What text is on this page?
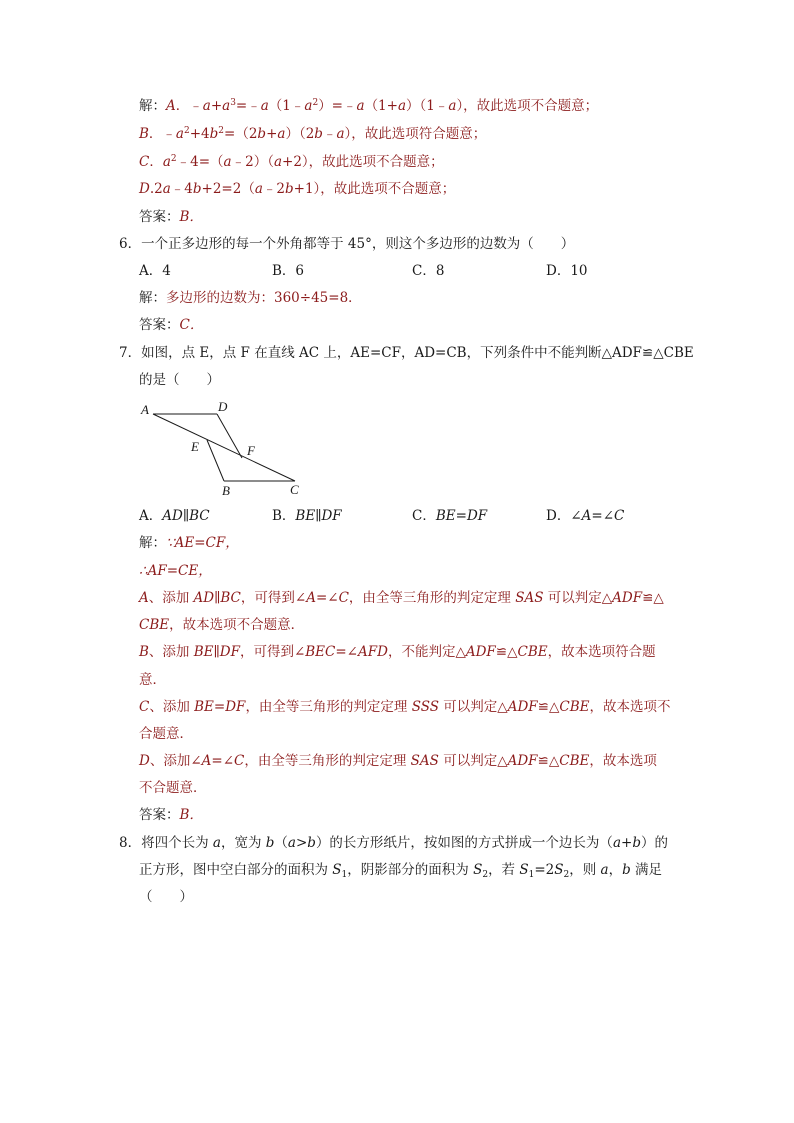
解：A．$﹣a+a^3=﹣a(1﹣a^2)=﹣a(1+a)(1﹣a)$，故此选项不合题意；
B．$﹣a^2+4b^2=(2b+a)(2b﹣a)$，故此选项符合题意；
C．$a^2﹣4=(a﹣2)(a+2)$，故此选项不合题意；
D.2a﹣4b+2=2（a﹣2b+1），故此选项不合题意；
答案：B．
6．一个正多边形的每一个外角都等于 45°，则这个多边形的边数为（　　）
A．4	B．6	C．8	D．10
解：多边形的边数为：360÷45=8．
答案：C．
7．如图，点 E，点 F 在直线 AC 上，AE=CF，AD=CB，下列条件中不能判断△ADF≌△CBE
的是（　　）
A	D
E	F
B	C
A．AD∥BC	B．BE∥DF	C．BE=DF	D．∠A=∠C
解：∵AE=CF，
∴AF=CE，
A、添加 AD∥BC，可得到∠A=∠C，由全等三角形的判定定理 SAS 可以判定△ADF≌△
CBE，故本选项不合题意．
B、添加 BE∥DF，可得到∠BEC=∠AFD，不能判定△ADF≌△CBE，故本选项符合题
意．
C、添加 BE=DF，由全等三角形的判定定理 SSS 可以判定△ADF≌△CBE，故本选项不
合题意．
D、添加∠A=∠C，由全等三角形的判定定理 SAS 可以判定△ADF≌△CBE，故本选项
不合题意．
答案：B．
8．将四个长为 a，宽为 b（a>b）的长方形纸片，按如图的方式拼成一个边长为（a+b）的
正方形，图中空白部分的面积为 $S_1$，阴影部分的面积为 $S_2$，若 $S_1=2S_2$，则 a，b 满足
（　　）
